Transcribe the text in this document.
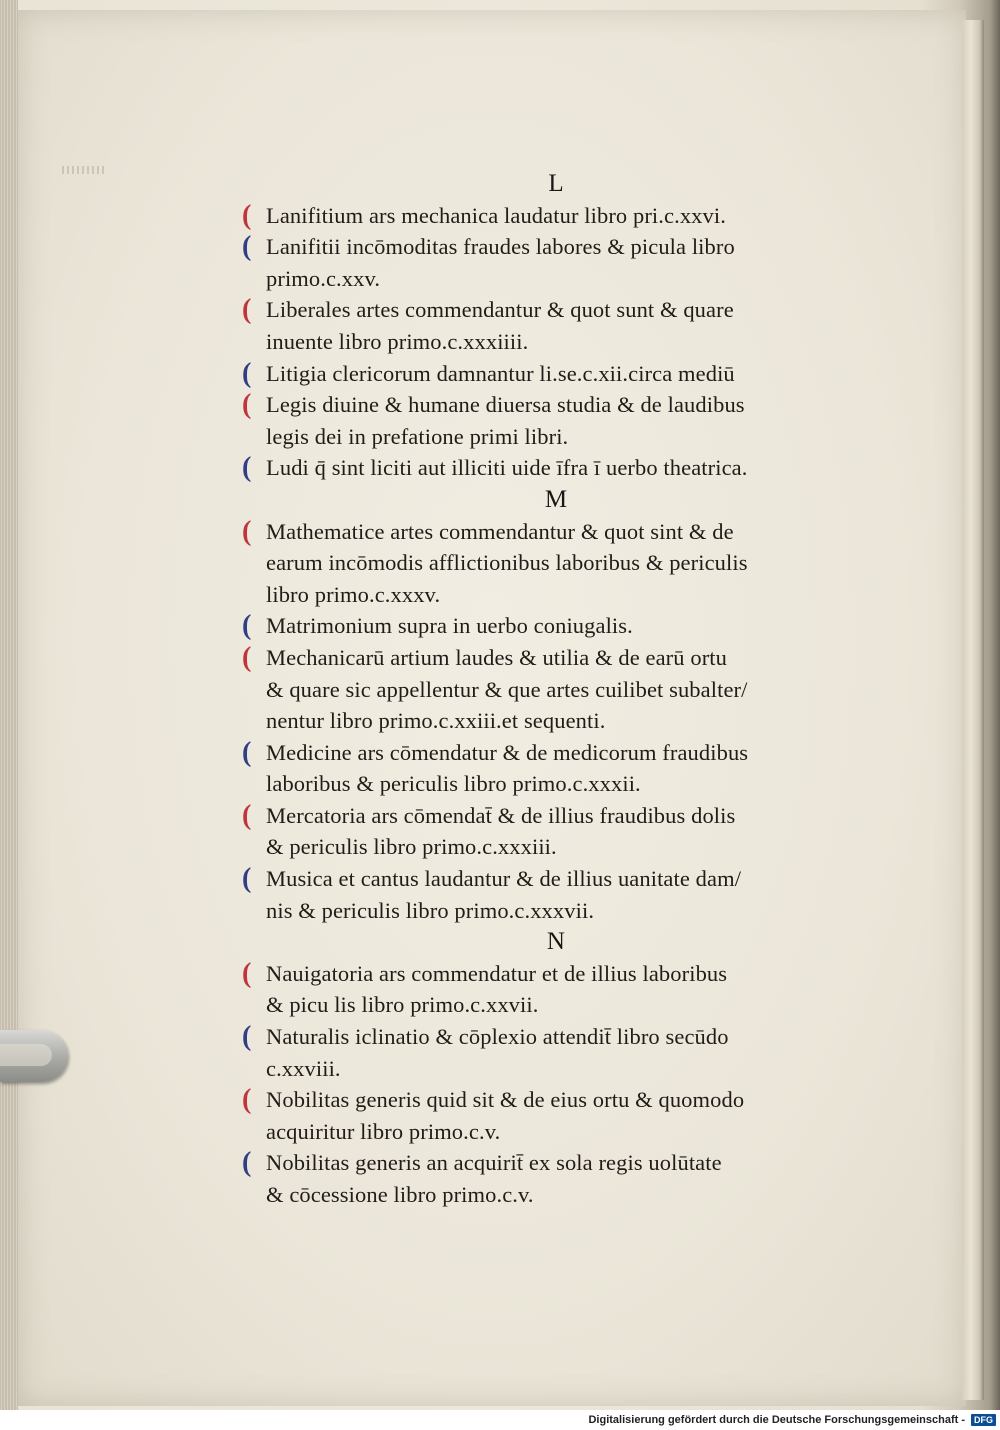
L
( Lanifitium ars mechanica laudatur libro pri.c.xxvi.
( Lanifitii incōmoditas fraudes labores & picula libro
primo.c.xxv.
( Liberales artes commendantur & quot sunt & quare
inuente libro primo.c.xxxiiii.
( Litigia clericorum damnantur li.se.c.xii.circa mediū
( Legis diuine & humane diuersa studia & de laudibus
legis dei in prefatione primi libri.
( Ludi q̄ sint liciti aut illiciti uide īfra ī uerbo theatrica.
M
( Mathematice artes commendantur & quot sint & de
earum incōmodis afflictionibus laboribus & periculis
libro primo.c.xxxv.
( Matrimonium supra in uerbo coniugalis.
( Mechanicarū artium laudes & utilia & de earū ortu
& quare sic appellentur & que artes cuilibet subalter/
nentur libro primo.c.xxiii.et sequenti.
( Medicine ars cōmendatur & de medicorum fraudibus
laboribus & periculis libro primo.c.xxxii.
( Mercatoria ars cōmendat̄ & de illius fraudibus dolis
& periculis libro primo.c.xxxiii.
( Musica et cantus laudantur & de illius uanitate dam/
nis & periculis libro primo.c.xxxvii.
N
( Nauigatoria ars commendatur et de illius laboribus
& picu lis libro primo.c.xxvii.
( Naturalis iclinatio & cōplexio attendit̄ libro secūdo
c.xxviii.
( Nobilitas generis quid sit & de eius ortu & quomodo
acquiritur libro primo.c.v.
( Nobilitas generis an acquirit̄ ex sola regis uolūtate
& cōcessione libro primo.c.v.
Digitalisierung gefördert durch die Deutsche Forschungsgemeinschaft -	DFG
